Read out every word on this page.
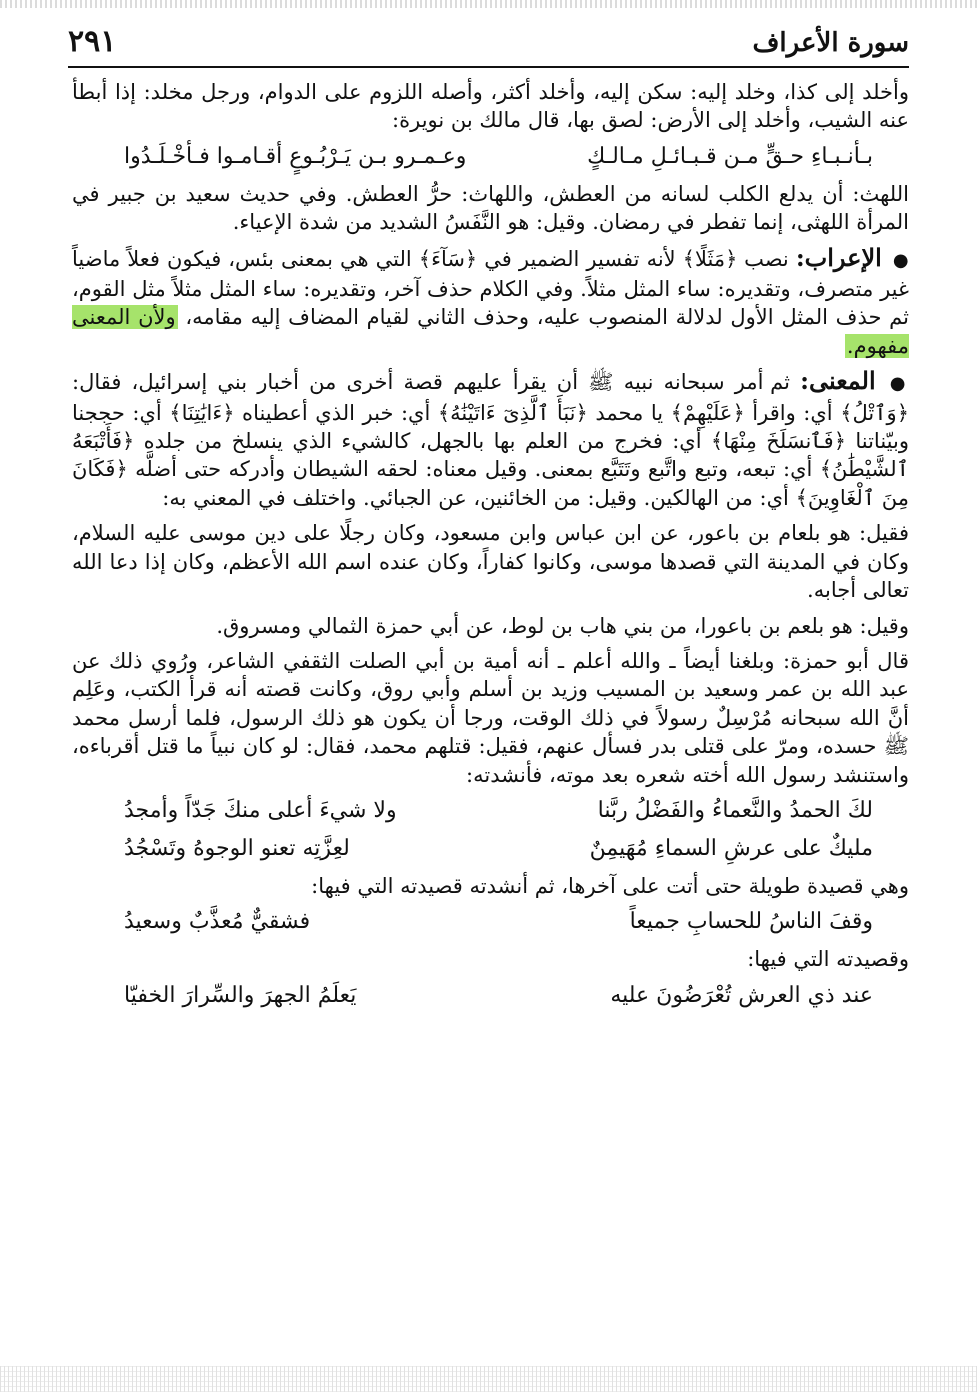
سورة الأعراف
٢٩١

وأخلد إلى كذا، وخلد إليه: سكن إليه، وأخلد أكثر، وأصله اللزوم على الدوام، ورجل مخلد: إذا أبطأ عنه الشيب، وأخلد إلى الأرض: لصق بها، قال مالك بن نويرة:

بـأنـبـاءِ حـقٍّ مـن قـبـائـلِ مـالـكٍ
وعـمـرو بـن يَـرْبُـوعٍ أقـامـوا فـأخْـلَـدُوا

اللهث: أن يدلع الكلب لسانه من العطش، واللهاث: حرُّ العطش. وفي حديث سعيد بن جبير في المرأة اللهثى، إنما تفطر في رمضان. وقيل: هو النَّفَسُ الشديد من شدة الإعياء.

● الإعراب: نصب ﴿مَثَلًا﴾ لأنه تفسير الضمير في ﴿سَآءَ﴾ التي هي بمعنى بئس، فيكون فعلاً ماضياً غير متصرف، وتقديره: ساء المثل مثلاً. وفي الكلام حذف آخر، وتقديره: ساء المثل مثلاً مثل القوم، ثم حذف المثل الأول لدلالة المنصوب عليه، وحذف الثاني لقيام المضاف إليه مقامه، ولأن المعنى مفهوم.

● المعنى: ثم أمر سبحانه نبيه ﷺ أن يقرأ عليهم قصة أخرى من أخبار بني إسرائيل، فقال: ﴿وَٱتْلُ﴾ أي: واقرأ ﴿عَلَيْهِمْ﴾ يا محمد ﴿نَبَأَ ٱلَّذِىٓ ءَاتَيْنَٰهُ﴾ أي: خبر الذي أعطيناه ﴿ءَايَٰتِنَا﴾ أي: حججنا وبيّناتنا ﴿فَٱنسَلَخَ مِنْهَا﴾ أي: فخرج من العلم بها بالجهل، كالشيء الذي ينسلخ من جلده ﴿فَأَتْبَعَهُ ٱلشَّيْطَٰنُ﴾ أي: تبعه، وتبع واتَّبع وتَتَبَّع بمعنى. وقيل معناه: لحقه الشيطان وأدركه حتى أضلَّه ﴿فَكَانَ مِنَ ٱلْغَاوِينَ﴾ أي: من الهالكين. وقيل: من الخائنين، عن الجبائي. واختلف في المعني به:

فقيل: هو بلعام بن باعور، عن ابن عباس وابن مسعود، وكان رجلًا على دين موسى عليه السلام، وكان في المدينة التي قصدها موسى، وكانوا كفاراً، وكان عنده اسم الله الأعظم، وكان إذا دعا الله تعالى أجابه.

وقيل: هو بلعم بن باعورا، من بني هاب بن لوط، عن أبي حمزة الثمالي ومسروق.

قال أبو حمزة: وبلغنا أيضاً ـ والله أعلم ـ أنه أمية بن أبي الصلت الثقفي الشاعر، ورُوي ذلك عن عبد الله بن عمر وسعيد بن المسيب وزيد بن أسلم وأبي روق، وكانت قصته أنه قرأ الكتب، وعَلِم أنَّ الله سبحانه مُرْسِلٌ رسولاً في ذلك الوقت، ورجا أن يكون هو ذلك الرسول، فلما أرسل محمد ﷺ حسده، ومرّ على قتلى بدر فسأل عنهم، فقيل: قتلهم محمد، فقال: لو كان نبياً ما قتل أقرباءه، واستنشد رسول الله أخته شعره بعد موته، فأنشدته:

لكَ الحمدُ والنَّعماءُ والفَضْلُ ربَّنا
ولا شيءَ أعلى منكَ جَدّاً وأمجدُ
مليكٌ على عرشِ السماءِ مُهَيمِنٌ
لعِزَّتِه تعنو الوجوهُ وتَسْجُدُ

وهي قصيدة طويلة حتى أتت على آخرها، ثم أنشدته قصيدته التي فيها:

وقفَ الناسُ للحسابِ جميعاً
فشقيٌّ مُعذَّبٌ وسعيدُ

وقصيدته التي فيها:

عند ذي العرش تُعْرَضُونَ عليه
يَعلَمُ الجهرَ والسِّرارَ الخفيّا
